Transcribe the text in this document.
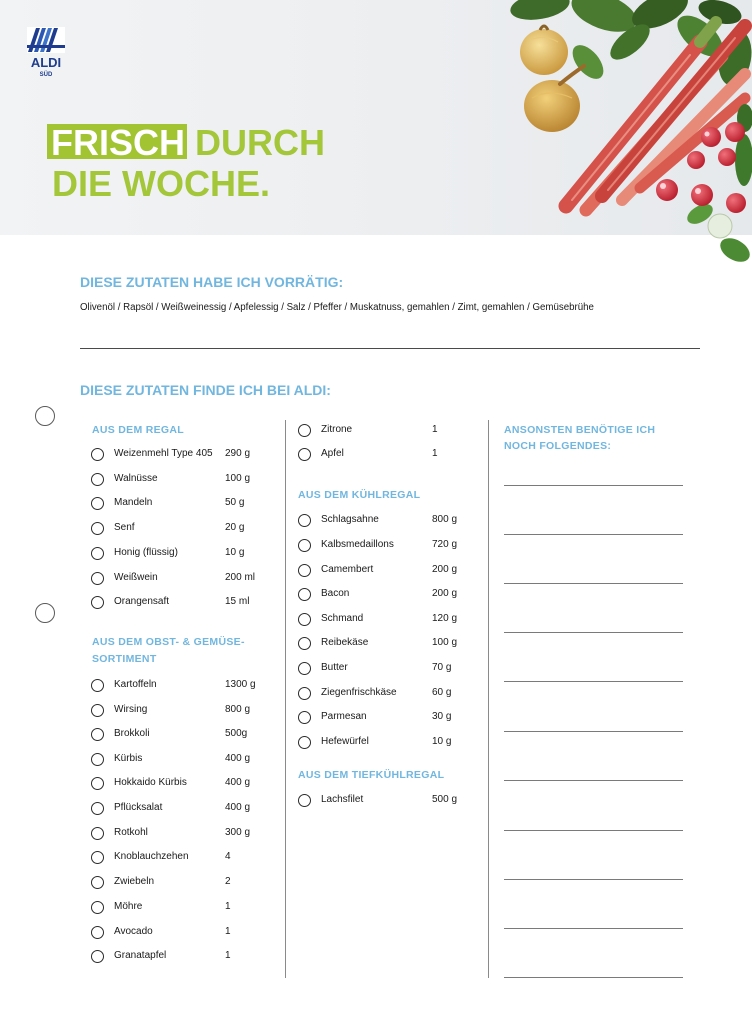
ALDI
SÜD
FRISCH DURCH
DIE WOCHE.
DIESE ZUTATEN HABE ICH VORRÄTIG:
Olivenöl / Rapsöl / Weißweinessig / Apfelessig / Salz / Pfeffer / Muskatnuss, gemahlen / Zimt, gemahlen / Gemüsebrühe
DIESE ZUTATEN FINDE ICH BEI ALDI:
AUS DEM REGAL
Weizenmehl Type 405 290 g
Walnüsse	100 g
Mandeln	50 g
Senf	20 g
Honig (flüssig)	10 g
Weißwein	200 ml
Orangensaft	15 ml
AUS DEM OBST- & GEMÜSE-
SORTIMENT
Kartoffeln	1300 g
Wirsing	800 g
Brokkoli	500g
Kürbis	400 g
Hokkaido Kürbis	400 g
Pflücksalat	400 g
Rotkohl	300 g
Knoblauchzehen	4
Zwiebeln	2
Möhre	1
Avocado	1
Granatapfel	1
Zitrone	1
Apfel	1
AUS DEM KÜHLREGAL
Schlagsahne	800 g
Kalbsmedaillons	720 g
Camembert	200 g
Bacon	200 g
Schmand	120 g
Reibekäse	100 g
Butter	70 g
Ziegenfrischkäse	60 g
Parmesan	30 g
Hefewürfel	10 g
AUS DEM TIEFKÜHLREGAL
Lachsfilet	500 g
ANSONSTEN BENÖTIGE ICH
NOCH FOLGENDES:
